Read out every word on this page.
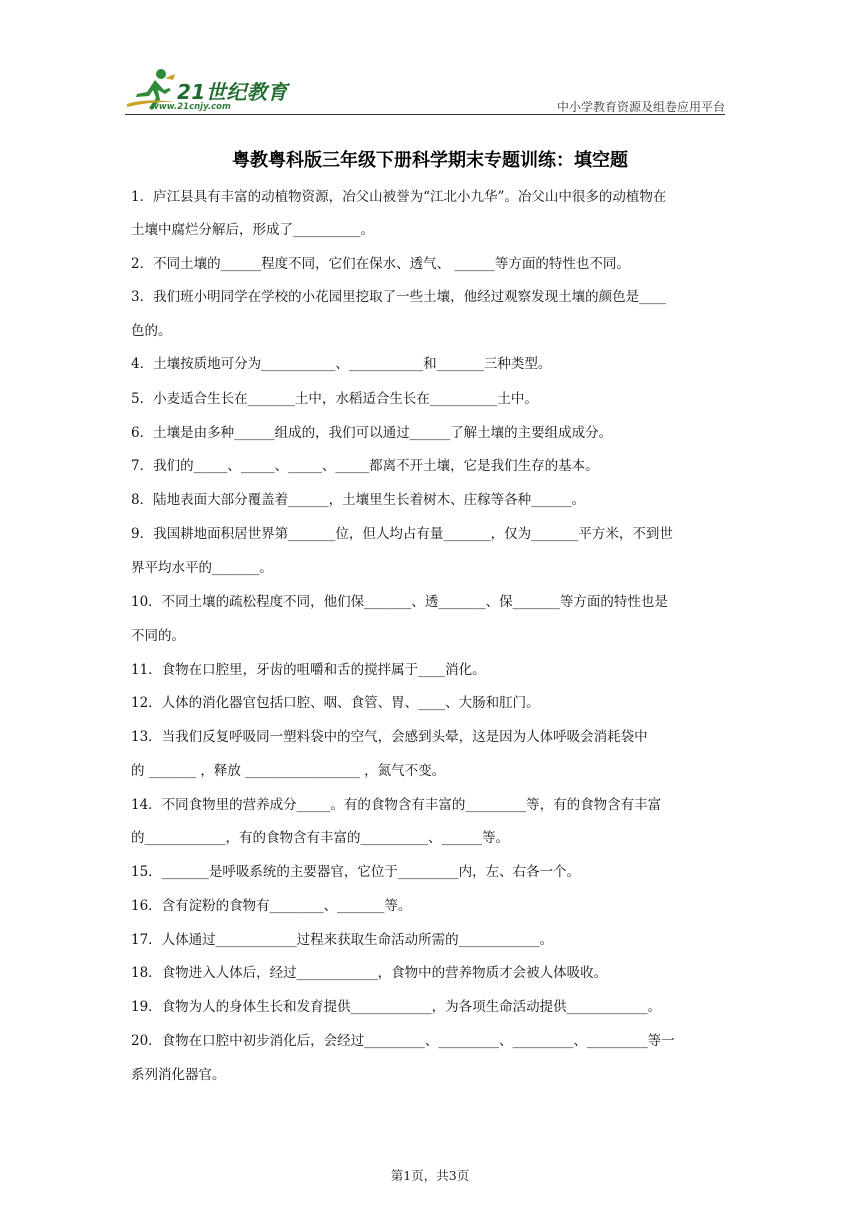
21世纪教育
www.21cnjy.com	中小学教育资源及组卷应用平台
粤教粤科版三年级下册科学期末专题训练：填空题
1．庐江县具有丰富的动植物资源，冶父山被誉为“江北小九华”。冶父山中很多的动植物在
土壤中腐烂分解后，形成了__________。
2．不同土壤的______程度不同，它们在保水、透气、 ______等方面的特性也不同。
3．我们班小明同学在学校的小花园里挖取了一些土壤，他经过观察发现土壤的颜色是____
色的。
4．土壤按质地可分为___________、___________和_______三种类型。
5．小麦适合生长在_______土中，水稻适合生长在__________土中。
6．土壤是由多种______组成的，我们可以通过______了解土壤的主要组成成分。
7．我们的_____、_____、_____、_____都离不开土壤，它是我们生存的基本。
8．陆地表面大部分覆盖着______，土壤里生长着树木、庄稼等各种______。
9．我国耕地面积居世界第_______位，但人均占有量_______，仅为_______平方米，不到世
界平均水平的_______。
10．不同土壤的疏松程度不同，他们保_______、透_______、保_______等方面的特性也是
不同的。
11．食物在口腔里，牙齿的咀嚼和舌的搅拌属于____消化。
12．人体的消化器官包括口腔、咽、食管、胃、____、大肠和肛门。
13．当我们反复呼吸同一塑料袋中的空气，会感到头晕，这是因为人体呼吸会消耗袋中
的 _______ ，释放 _________________ ，氮气不变。
14．不同食物里的营养成分_____。有的食物含有丰富的_________等，有的食物含有丰富
的____________，有的食物含有丰富的__________、______等。
15．_______是呼吸系统的主要器官，它位于_________内，左、右各一个。
16．含有淀粉的食物有________、_______等。
17．人体通过____________过程来获取生命活动所需的____________。
18．食物进入人体后，经过____________，食物中的营养物质才会被人体吸收。
19．食物为人的身体生长和发育提供____________，为各项生命活动提供____________。
20．食物在口腔中初步消化后，会经过_________、_________、_________、_________等一
系列消化器官。
第1页，共3页
